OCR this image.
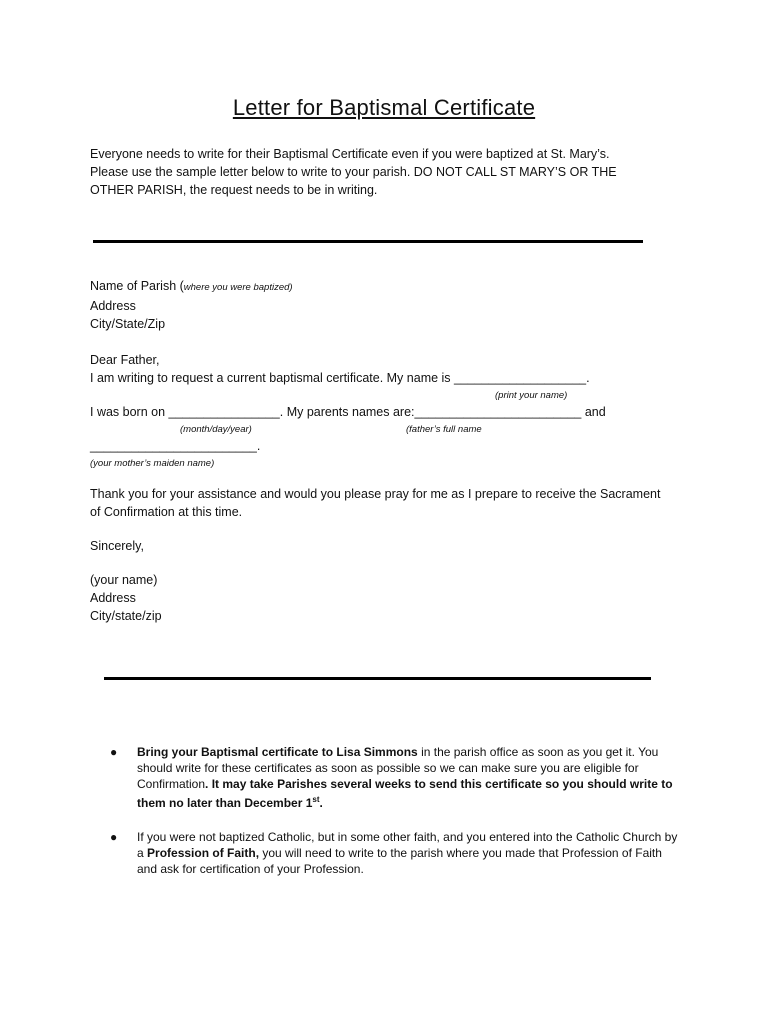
Letter for Baptismal Certificate
Everyone needs to write for their Baptismal Certificate even if you were baptized at St. Mary’s.
Please use the sample letter below to write to your parish. DO NOT CALL ST MARY’S OR THE
OTHER PARISH, the request needs to be in writing.
Name of Parish (where you were baptized)
Address
City/State/Zip
Dear Father,
I am writing to request a current baptismal certificate. My name is ___________________.
(print your name)
I was born on ________________. My parents names are:________________________ and
(month/day/year)	(father’s full name
________________________.
(your mother’s maiden name)
Thank you for your assistance and would you please pray for me as I prepare to receive the Sacrament
of Confirmation at this time.
Sincerely,
(your name)
Address
City/state/zip
● Bring your Baptismal certificate to Lisa Simmons in the parish office as soon as you get it. You should write for these certificates as soon as possible so we can make sure you are eligible for Confirmation. It may take Parishes several weeks to send this certificate so you should write to them no later than December 1st.
● If you were not baptized Catholic, but in some other faith, and you entered into the Catholic Church by a Profession of Faith, you will need to write to the parish where you made that Profession of Faith and ask for certification of your Profession.
